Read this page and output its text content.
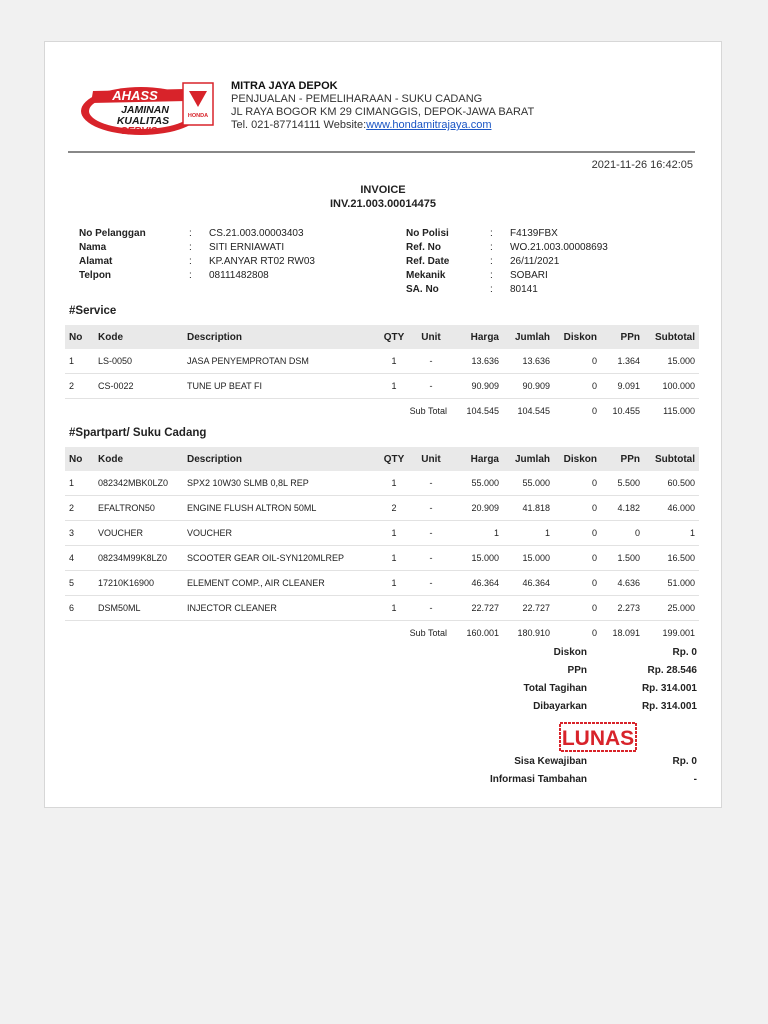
AHASS
JAMINAN
KUALITAS
SERVIS
HONDA
MITRA JAYA DEPOK
PENJUALAN - PEMELIHARAAN - SUKU CADANG
JL RAYA BOGOR KM 29 CIMANGGIS, DEPOK-JAWA BARAT
Tel. 021-87714111 Website:www.hondamitrajaya.com
2021-11-26 16:42:05
INVOICE
INV.21.003.00014475
No Pelanggan	: CS.21.003.00003403
Nama	: SITI ERNIAWATI
Alamat	: KP.ANYAR RT02 RW03
Telpon	: 08111482808
No Polisi	: F4139FBX
Ref. No	: WO.21.003.00008693
Ref. Date	: 26/11/2021
Mekanik	: SOBARI
SA. No	: 80141
#Service
No	Kode	Description	QTY	Unit	Harga	Jumlah	Diskon	PPn	Subtotal
1	LS-0050	JASA PENYEMPROTAN DSM	1	-	13.636	13.636	0	1.364	15.000
2	CS-0022	TUNE UP BEAT FI	1	-	90.909	90.909	0	9.091	100.000
			Sub Total		104.545	104.545	0	10.455	115.000
#Spartpart/ Suku Cadang
No	Kode	Description	QTY	Unit	Harga	Jumlah	Diskon	PPn	Subtotal
1	082342MBK0LZ0	SPX2 10W30 SLMB 0,8L REP	1	-	55.000	55.000	0	5.500	60.500
2	EFALTRON50	ENGINE FLUSH ALTRON 50ML	2	-	20.909	41.818	0	4.182	46.000
3	VOUCHER	VOUCHER	1	-	1	1	0	0	1
4	08234M99K8LZ0	SCOOTER GEAR OIL-SYN120MLREP	1	-	15.000	15.000	0	1.500	16.500
5	17210K16900	ELEMENT COMP., AIR CLEANER	1	-	46.364	46.364	0	4.636	51.000
6	DSM50ML	INJECTOR CLEANER	1	-	22.727	22.727	0	2.273	25.000
			Sub Total		160.001	180.910	0	18.091	199.001
Diskon	Rp. 0
PPn	Rp. 28.546
Total Tagihan	Rp. 314.001
Dibayarkan	Rp. 314.001
LUNAS
Sisa Kewajiban	Rp. 0
Informasi Tambahan	-
